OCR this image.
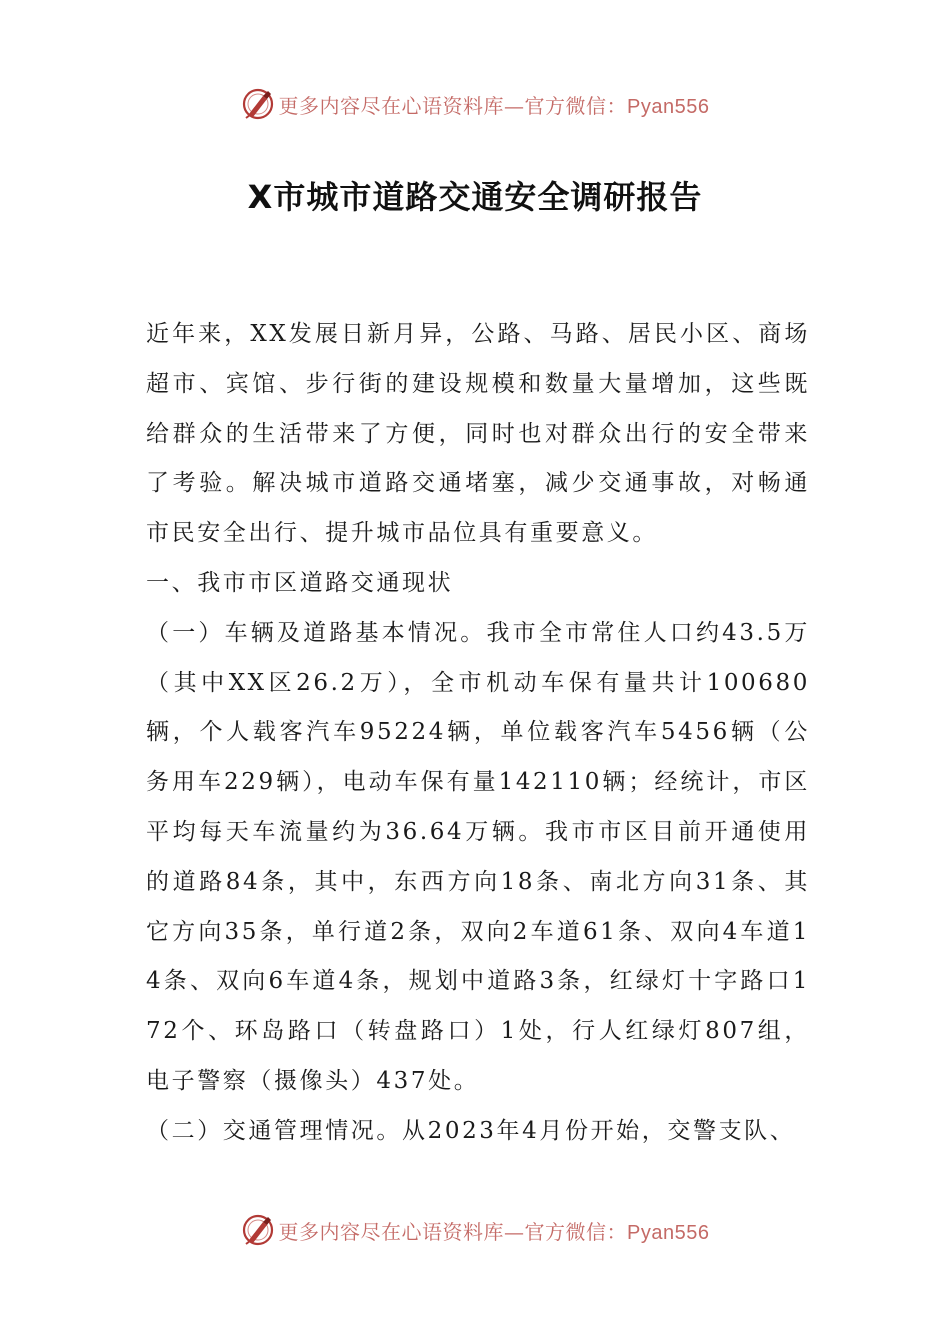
更多内容尽在心语资料库—官方微信：Pyan556
X市城市道路交通安全调研报告

近年来，XX发展日新月异，公路、马路、居民小区、商场超市、宾馆、步行街的建设规模和数量大量增加，这些既给群众的生活带来了方便，同时也对群众出行的安全带来了考验。解决城市道路交通堵塞，减少交通事故，对畅通市民安全出行、提升城市品位具有重要意义。

一、我市市区道路交通现状

（一）车辆及道路基本情况。我市全市常住人口约43.5万（其中XX区26.2万），全市机动车保有量共计100680辆，个人载客汽车95224辆，单位载客汽车5456辆（公务用车229辆），电动车保有量142110辆；经统计，市区平均每天车流量约为36.64万辆。我市市区目前开通使用的道路84条，其中，东西方向18条、南北方向31条、其它方向35条，单行道2条，双向2车道61条、双向4车道14条、双向6车道4条，规划中道路3条，红绿灯十字路口172个、环岛路口（转盘路口）1处，行人红绿灯807组，电子警察（摄像头）437处。

（二）交通管理情况。从2023年4月份开始，交警支队、

更多内容尽在心语资料库—官方微信：Pyan556
